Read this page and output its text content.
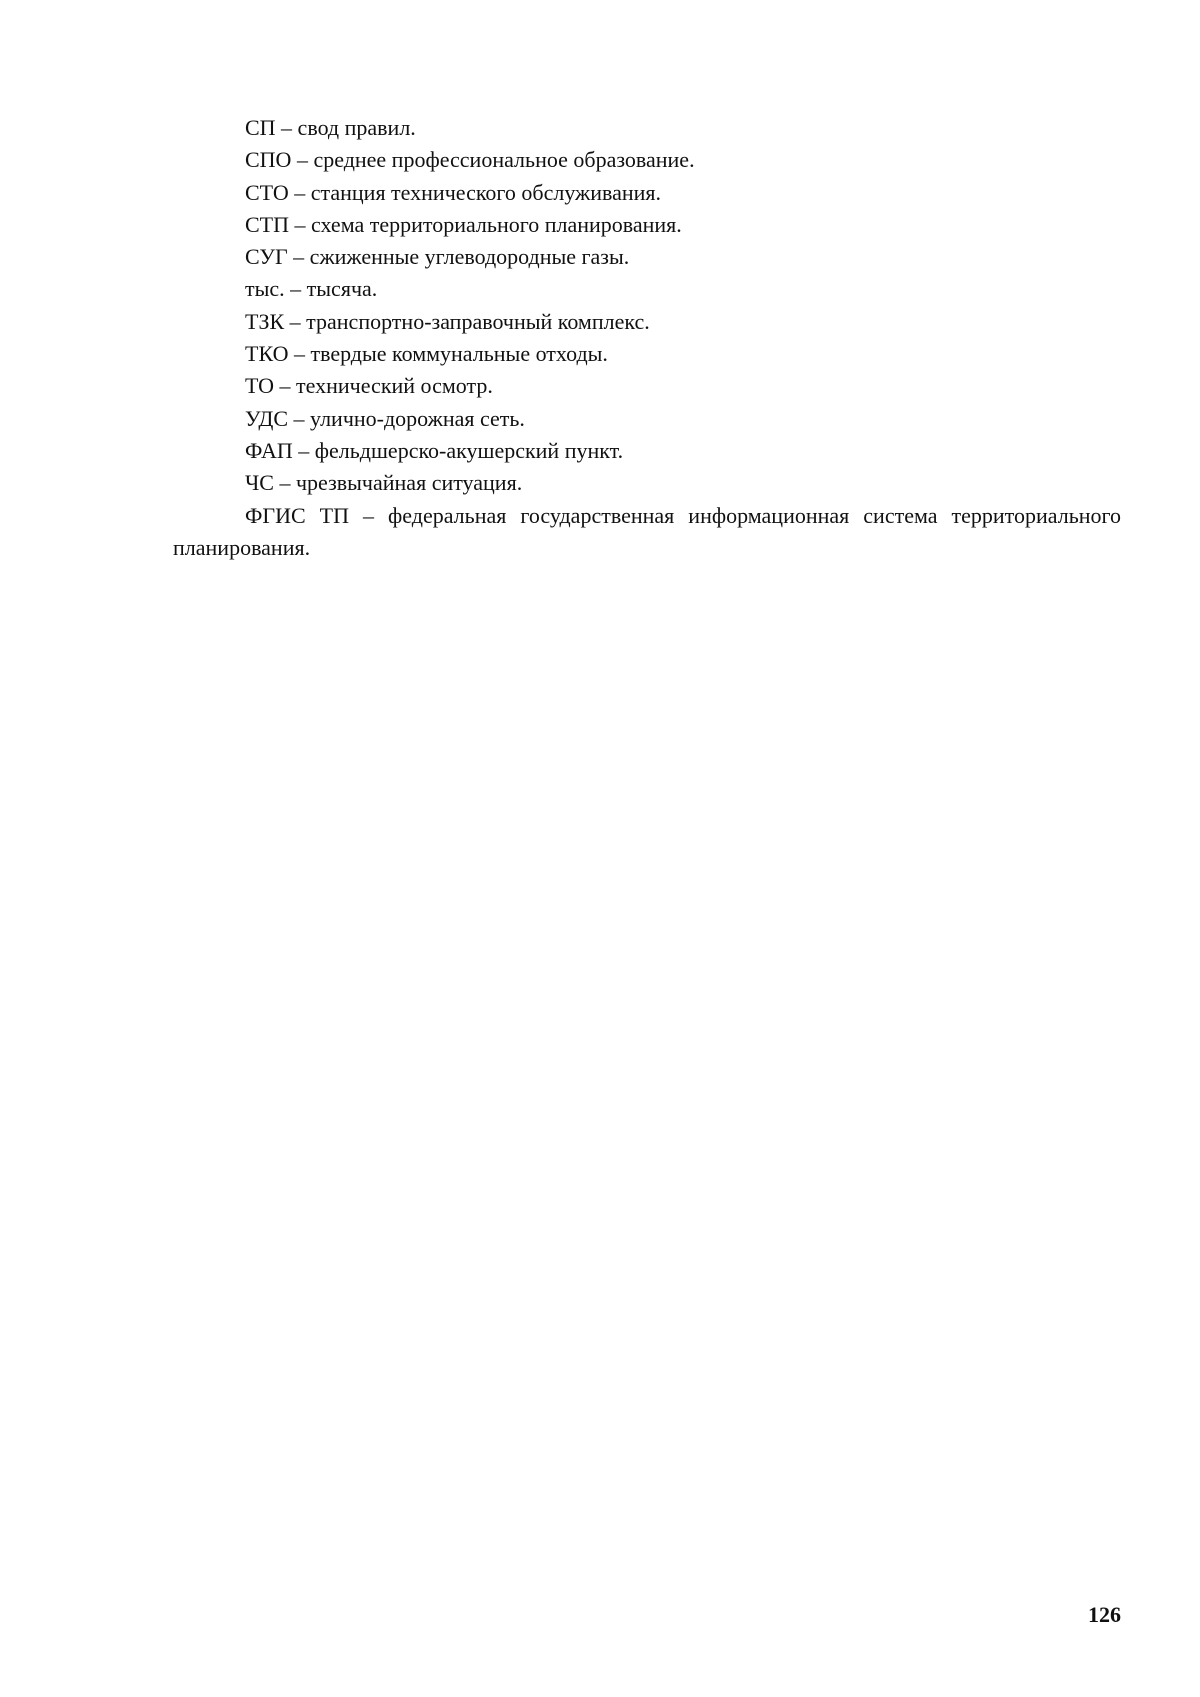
СП – свод правил.
СПО – среднее профессиональное образование.
СТО – станция технического обслуживания.
СТП – схема территориального планирования.
СУГ – сжиженные углеводородные газы.
тыс. – тысяча.
ТЗК – транспортно-заправочный комплекс.
ТКО – твердые коммунальные отходы.
ТО – технический осмотр.
УДС – улично-дорожная сеть.
ФАП – фельдшерско-акушерский пункт.
ЧС – чрезвычайная ситуация.
ФГИС ТП – федеральная государственная информационная система территориального планирования.
126
